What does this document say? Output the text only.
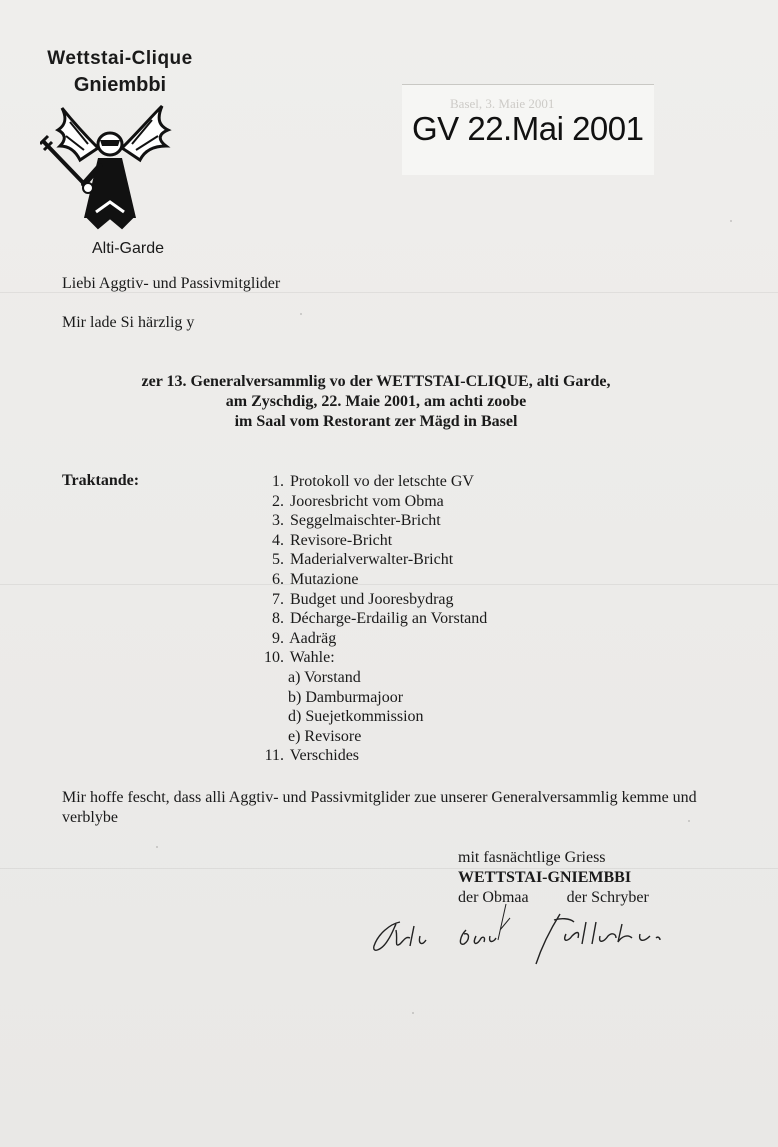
Wettstai-Clique
Gniembbi
Alti-Garde
Basel, 3. Maie 2001
GV 22.Mai 2001
Liebi Aggtiv- und Passivmitglider
Mir lade Si härzlig y
zer 13. Generalversammlig vo der WETTSTAI-CLIQUE, alti Garde,
am Zyschdig, 22. Maie 2001, am achti zoobe
im Saal vom Restorant zer Mägd in Basel
Traktande:	1. Protokoll vo der letschte GV
2. Jooresbricht vom Obma
3. Seggelmaischter-Bricht
4. Revisore-Bricht
5. Maderialverwalter-Bricht
6. Mutazione
7. Budget und Jooresbydrag
8. Décharge-Erdailig an Vorstand
9. Aadräg
10. Wahle:
a) Vorstand
b) Damburmajoor
d) Suejetkommission
e) Revisore
11. Verschides
Mir hoffe fescht, dass alli Aggtiv- und Passivmitglider zue unserer Generalversammlig kemme und verblybe
mit fasnächtlige Griess
WETTSTAI-GNIEMBBI
der Obmaa der Schryber
